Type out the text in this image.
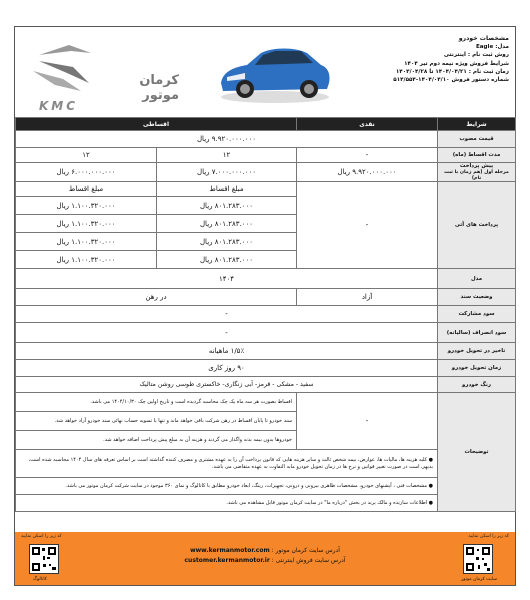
مشخصات خودرو
مدل: Eagle
روش ثبت نام : اینترنتی
شرایط فروش ویژه نیمه دوم تیر ۱۴۰۴
زمان ثبت نام : ۱۴۰۴/۰۴/۲۱ تا ۱۴۰۴/۰۴/۲۸
شماره دستور فروش ۱۴۰۴/۰۴/۱۰-۵۱۴/۵۵۴
کرمان موتور
KMC
شرایط	نقدی	اقساطی	
قیمت مصوب	۹.۹۲۰.۰۰۰.۰۰۰ ریال		
مدت اقساط (ماه)	-	۱۲	۱۲
پیش پرداخت
مرحله اول (هم زمان با ثبت نام)	۹.۹۲۰.۰۰۰.۰۰۰ ریال	۷.۰۰۰.۰۰۰.۰۰۰ ریال	۶.۰۰۰.۰۰۰.۰۰۰ ریال
پرداخت های آتی	-	مبلغ اقساط	مبلغ اقساط
		۸۰۱.۲۸۳.۰۰۰ ریال	۱.۱۰۰.۳۲۰.۰۰۰ ریال
		۸۰۱.۲۸۳.۰۰۰ ریال	۱.۱۰۰.۳۲۰.۰۰۰ ریال
		۸۰۱.۲۸۳.۰۰۰ ریال	۱.۱۰۰.۳۲۰.۰۰۰ ریال
		۸۰۱.۲۸۳.۰۰۰ ریال	۱.۱۰۰.۳۲۰.۰۰۰ ریال
مدل	۱۴۰۴		
وضعیت سند	آزاد	در رهن	
سود مشارکت	-		
سود انصراف (سالیانه)	-		
تاخیر در تحویل خودرو	۱/۵٪ ماهیانه		
زمان تحویل خودرو	۹۰ روز کاری		
رنگ خودرو	سفید - مشکی - قرمز- آبی زنگاری- خاکستری طوسی روشن متالیک		
توضیحات	-	اقساط بصورت هر سه ماه یک چک محاسبه گردیده است و تاریخ اولین چک ۱۴۰۴/۱۰/۳۰ می باشد.	
		سند خودرو تا پایان اقساط در رهن شرکت باقی خواهد ماند و تنها با تسویه حساب نهائی سند خودرو آزاد خواهد شد.	
		خودروها بدون بیمه بدنه واگذار می گردند و هزینه آن به مبلغ پیش پرداخت اضافه خواهد شد.	
	● کلیه هزینه ها، مالیات ها، عوارض، بیمه شخص ثالث و سایر هزینه هایی که قانون پرداخت آن را به عهده مشتری و مصرف کننده گذاشته است بر اساس تعرفه های سال ۱۴۰۴ محاسبه شده است، بدیهی است در صورت تغییر قوانین و نرخ ها در زمان تحویل خودرو مابه التفاوت به عهده متقاضی می باشد.		
	● مشخصات فنی ، آپشنهای خودرو، مشخصات ظاهری بیرونی و درونی، تجهیزات، رینگ، ابعاد خودرو مطابق با کاتالوگ و نمای ۳۶۰ موجود در سایت شرکت کرمان موتور می باشد.		
	● اطلاعات سازنده و مالک برند در بخش "درباره ما" در سایت کرمان موتور قابل مشاهده می باشد.		
کد زیر را اسکن نمایید
کد زیر را اسکن نمایید
سایت کرمان موتور
آدرس سایت کرمان موتور : www.kermanmotor.com
آدرس سایت فروش اینترنتی : customer.kermanmotor.ir
کاتالوگ
